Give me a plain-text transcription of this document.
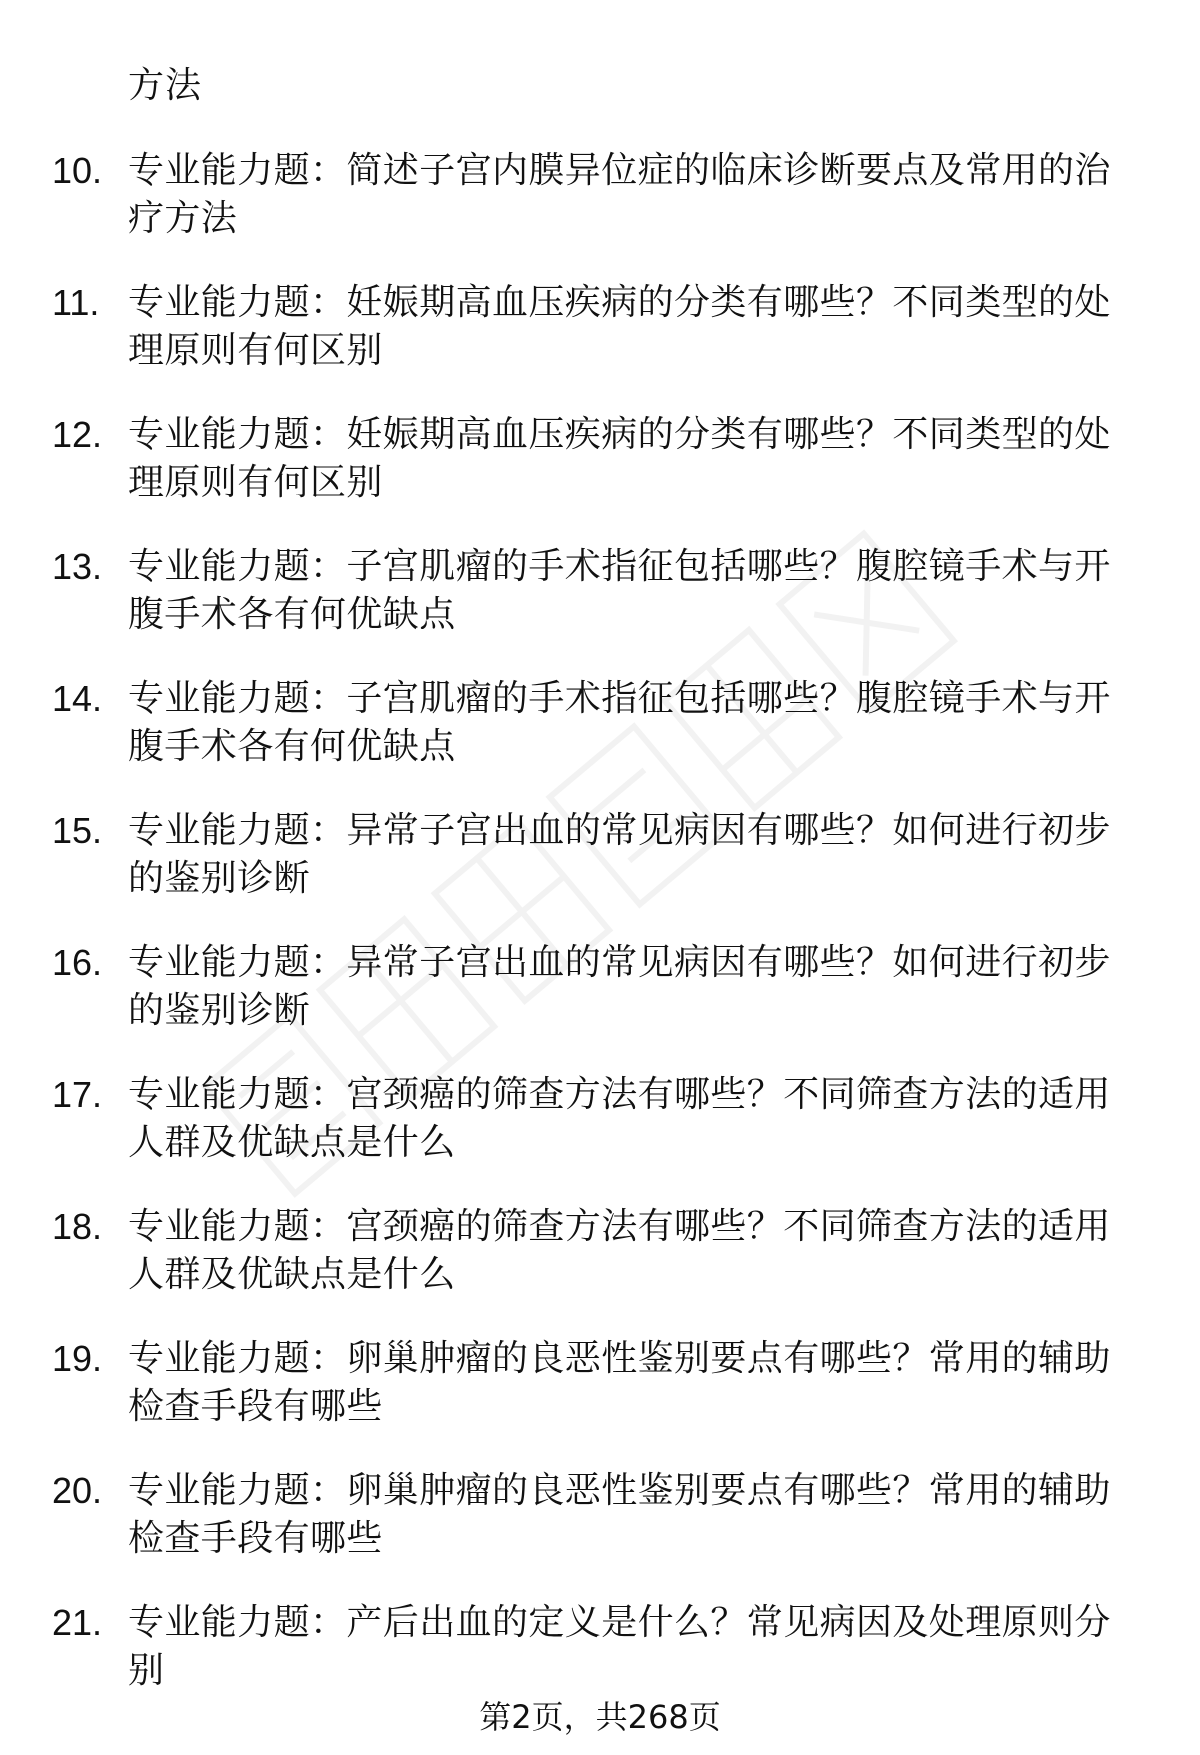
方法
10. 专业能力题：简述子宫内膜异位症的临床诊断要点及常用的治疗方法
11. 专业能力题：妊娠期高血压疾病的分类有哪些？不同类型的处理原则有何区别
12. 专业能力题：妊娠期高血压疾病的分类有哪些？不同类型的处理原则有何区别
13. 专业能力题：子宫肌瘤的手术指征包括哪些？腹腔镜手术与开腹手术各有何优缺点
14. 专业能力题：子宫肌瘤的手术指征包括哪些？腹腔镜手术与开腹手术各有何优缺点
15. 专业能力题：异常子宫出血的常见病因有哪些？如何进行初步的鉴别诊断
16. 专业能力题：异常子宫出血的常见病因有哪些？如何进行初步的鉴别诊断
17. 专业能力题：宫颈癌的筛查方法有哪些？不同筛查方法的适用人群及优缺点是什么
18. 专业能力题：宫颈癌的筛查方法有哪些？不同筛查方法的适用人群及优缺点是什么
19. 专业能力题：卵巢肿瘤的良恶性鉴别要点有哪些？常用的辅助检查手段有哪些
20. 专业能力题：卵巢肿瘤的良恶性鉴别要点有哪些？常用的辅助检查手段有哪些
21. 专业能力题：产后出血的定义是什么？常见病因及处理原则分别
第2页，共268页
